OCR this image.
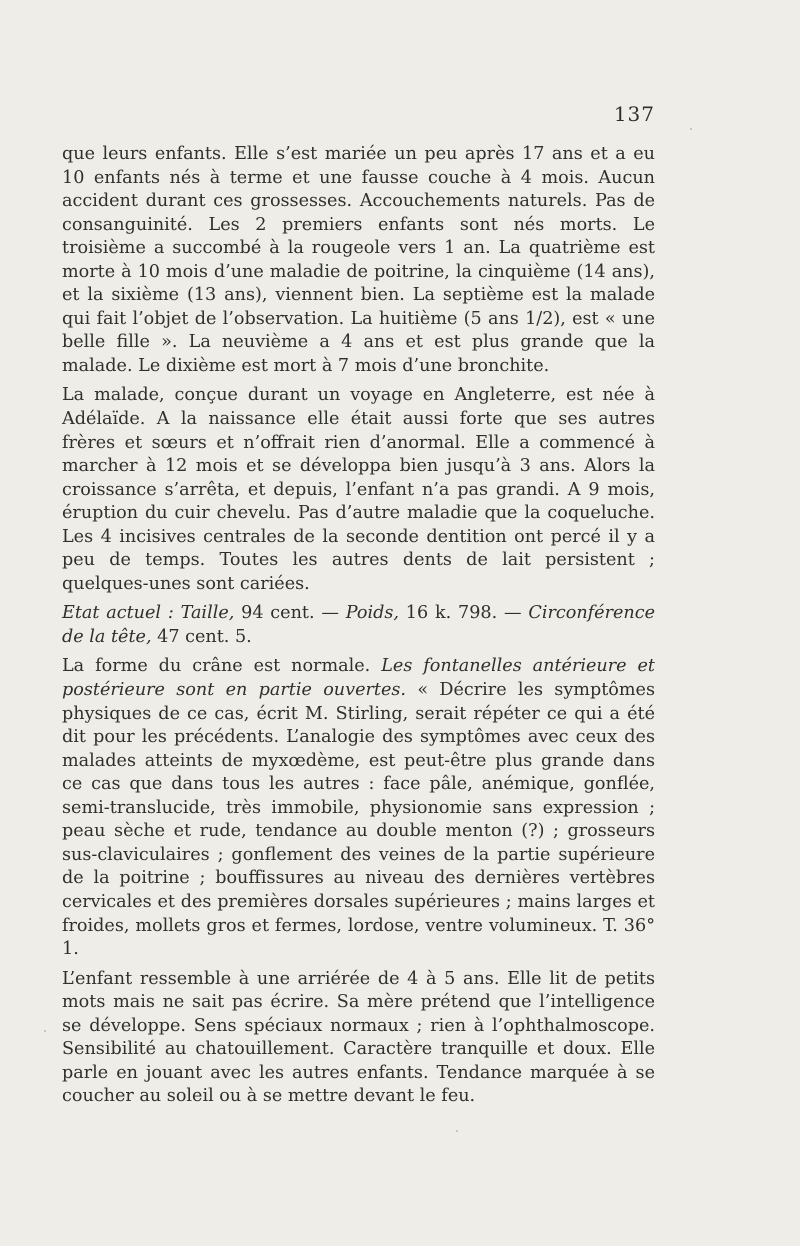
137

que leurs enfants. Elle s’est mariée un peu après 17 ans et a eu 10 enfants nés à terme et une fausse couche à 4 mois. Aucun accident durant ces grossesses. Accouchements naturels. Pas de consanguinité. Les 2 premiers enfants sont nés morts. Le troisième a succombé à la rougeole vers 1 an. La quatrième est morte à 10 mois d’une maladie de poitrine, la cinquième (14 ans), et la sixième (13 ans), viennent bien. La septième est la malade qui fait l’objet de l’observation. La huitième (5 ans 1/2), est « une belle fille ». La neuvième a 4 ans et est plus grande que la malade. Le dixième est mort à 7 mois d’une bronchite.

La malade, conçue durant un voyage en Angleterre, est née à Adélaïde. A la naissance elle était aussi forte que ses autres frères et sœurs et n’offrait rien d’anormal. Elle a commencé à marcher à 12 mois et se développa bien jusqu’à 3 ans. Alors la croissance s’arrêta, et depuis, l’enfant n’a pas grandi. A 9 mois, éruption du cuir chevelu. Pas d’autre maladie que la coqueluche. Les 4 incisives centrales de la seconde dentition ont percé il y a peu de temps. Toutes les autres dents de lait persistent ; quelques-unes sont cariées.

Etat actuel : Taille, 94 cent. — Poids, 16 k. 798. — Circonférence de la tête, 47 cent. 5.

La forme du crâne est normale. Les fontanelles antérieure et postérieure sont en partie ouvertes. « Décrire les symptômes physiques de ce cas, écrit M. Stirling, serait répéter ce qui a été dit pour les précédents. L’analogie des symptômes avec ceux des malades atteints de myxœdème, est peut-être plus grande dans ce cas que dans tous les autres : face pâle, anémique, gonflée, semi-translucide, très immobile, physionomie sans expression ; peau sèche et rude, tendance au double menton (?) ; grosseurs sus-claviculaires ; gonflement des veines de la partie supérieure de la poitrine ; bouffissures au niveau des dernières vertèbres cervicales et des premières dorsales supérieures ; mains larges et froides, mollets gros et fermes, lordose, ventre volumineux. T. 36° 1.

L’enfant ressemble à une arriérée de 4 à 5 ans. Elle lit de petits mots mais ne sait pas écrire. Sa mère prétend que l’intelligence se développe. Sens spéciaux normaux ; rien à l’ophthalmoscope. Sensibilité au chatouillement. Caractère tranquille et doux. Elle parle en jouant avec les autres enfants. Tendance marquée à se coucher au soleil ou à se mettre devant le feu.
